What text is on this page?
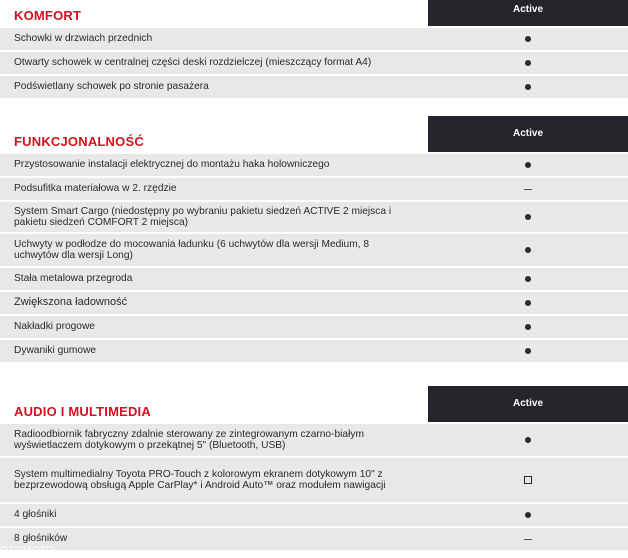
KOMFORT	Active
Schowki w drzwiach przednich
Otwarty schowek w centralnej części deski rozdzielczej (mieszczący format A4)
Podświetlany schowek po stronie pasażera
FUNKCJONALNOŚĆ
Active
Przystosowanie instalacji elektrycznej do montażu haka holowniczego
Podsufitka materiałowa w 2. rzędzie
System Smart Cargo (niedostępny po wybraniu pakietu siedzeń ACTIVE 2 miejsca i pakietu siedzeń COMFORT 2 miejsca)
Uchwyty w podłodze do mocowania ładunku (6 uchwytów dla wersji Medium, 8 uchwytów dla wersji Long)
Stała metalowa przegroda
Zwiększona ładowność
Nakładki progowe
Dywaniki gumowe
AUDIO I MULTIMEDIA
Active
Radioodbiornik fabryczny zdalnie sterowany ze zintegrowanym czarno-białym wyświetlaczem dotykowym o przekątnej 5" (Bluetooth, USB)
System multimedialny Toyota PRO-Touch z kolorowym ekranem dotykowym 10" z bezprzewodową obsługą Apple CarPlay* i Android Auto™ oraz modułem nawigacji
4 głośniki
8 głośników
OTOMOTO
